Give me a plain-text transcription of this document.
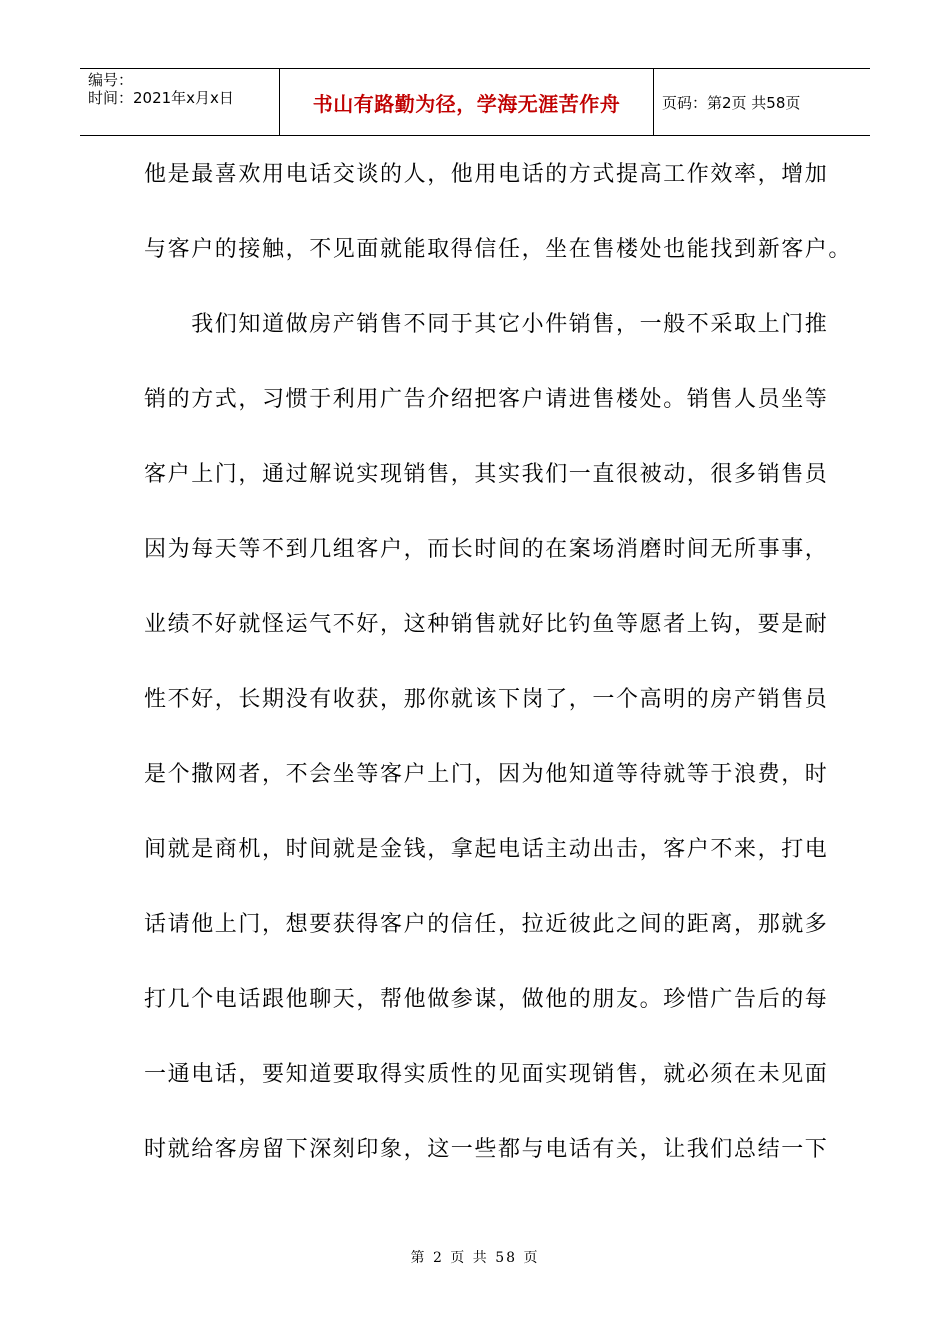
编号：
时间：2021年x月x日	书山有路勤为径，学海无涯苦作舟	页码：第2页 共58页
他是最喜欢用电话交谈的人，他用电话的方式提高工作效率，增加
与客户的接触，不见面就能取得信任，坐在售楼处也能找到新客户。
　　我们知道做房产销售不同于其它小件销售，一般不采取上门推
销的方式，习惯于利用广告介绍把客户请进售楼处。销售人员坐等
客户上门，通过解说实现销售，其实我们一直很被动，很多销售员
因为每天等不到几组客户，而长时间的在案场消磨时间无所事事，
业绩不好就怪运气不好，这种销售就好比钓鱼等愿者上钩，要是耐
性不好，长期没有收获，那你就该下岗了，一个高明的房产销售员
是个撒网者，不会坐等客户上门，因为他知道等待就等于浪费，时
间就是商机，时间就是金钱，拿起电话主动出击，客户不来，打电
话请他上门，想要获得客户的信任，拉近彼此之间的距离，那就多
打几个电话跟他聊天，帮他做参谋，做他的朋友。珍惜广告后的每
一通电话，要知道要取得实质性的见面实现销售，就必须在未见面
时就给客房留下深刻印象，这一些都与电话有关，让我们总结一下
第 2 页 共 58 页
